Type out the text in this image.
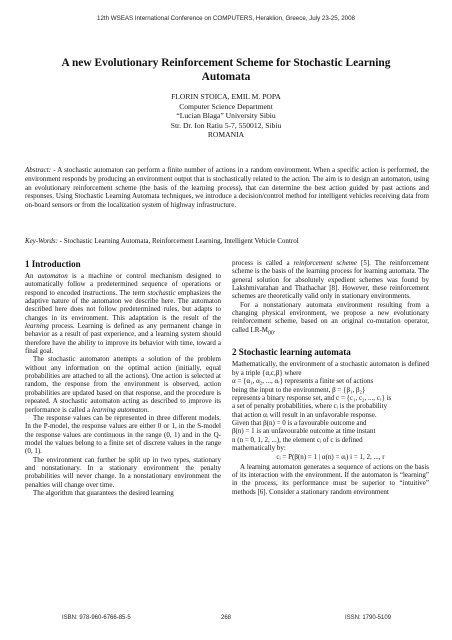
12th WSEAS International Conference on COMPUTERS, Heraklion, Greece, July 23-25, 2008
A new Evolutionary Reinforcement Scheme for Stochastic Learning Automata
FLORIN STOICA, EMIL M. POPA
Computer Science Department
“Lucian Blaga” University Sibiu
Str. Dr. Ion Ratiu 5-7, 550012, Sibiu
ROMANIA
Abstract: - A stochastic automaton can perform a finite number of actions in a random environment. When a specific action is performed, the environment responds by producing an environment output that is stochastically related to the action. The aim is to design an automaton, using an evolutionary reinforcement scheme (the basis of the learning process), that can determine the best action guided by past actions and responses. Using Stochastic Learning Automata techniques, we introduce a decision/control method for intelligent vehicles receiving data from on-board sensors or from the localization system of highway infrastructure.
Key-Words: - Stochastic Learning Automata, Reinforcement Learning, Intelligent Vehicle Control
1 Introduction

An automaton is a machine or control mechanism designed to automatically follow a predetermined sequence of operations or respond to encoded instructions. The term stochastic emphasizes the adaptive nature of the automaton we describe here. The automaton described here does not follow predetermined rules, but adapts to changes in its environment. This adaptation is the result of the learning process. Learning is defined as any permanent change in behavior as a result of past experience, and a learning system should therefore have the ability to improve its behavior with time, toward a final goal.

The stochastic automaton attempts a solution of the problem without any information on the optimal action (initially, equal probabilities are attached to all the actions). One action is selected at random, the response from the environment is observed, action probabilities are updated based on that response, and the procedure is repeated. A stochastic automaton acting as described to improve its performance is called a learning automaton.

The response values can be represented in three different models. In the P-model, the response values are either 0 or 1, in the S-model the response values are continuous in the range (0, 1) and in the Q-model the values belong to a finite set of discrete values in the range (0, 1).

The environment can further be split up in two types, stationary and nonstationary. In a stationary environment the penalty probabilities will never change. In a nonstationary environment the penalties will change over time.

The algorithm that guarantees the desired learning

process is called a reinforcement scheme [5]. The reinforcement scheme is the basis of the learning process for learning automata. The general solution for absolutely expedient schemes was found by Lakshmivarahan and Thathachar [8]. However, these reinforcement schemes are theoretically valid only in stationary environments.

For a nonstationary automata environment resulting from a changing physical environment, we propose a new evolutionary reinforcement scheme, based on an original co-mutation operator, called $LR-M_{00}$.

2 Stochastic learning automata

Mathematically, the environment of a stochastic automaton is defined by a triple {α,c,β} where

α = {α₁, α₂, ..., αᵣ} represents a finite set of actions

being the input to the environment, β = {β₁, β₂}

represents a binary response set, and c = {c₁, c₂, ..., cᵣ} is

a set of penalty probabilities, where cᵢ is the probability

that action αᵢ will result in an unfavorable response.

Given that β(n) = 0 is a favourable outcome and

β(n) = 1 is an unfavourable outcome at time instant

n (n = 0, 1, 2, ...), the element cᵢ of c is defined

mathematically by:

cᵢ = P(β(n) = 1 | α(n) = αᵢ) i = 1, 2, ..., r

A learning automaton generates a sequence of actions on the basis of its interaction with the environment. If the automaton is “learning” in the process, its performance must be superior to “intuitive” methods [6]. Consider a stationary random environment

ISBN: 978-960-6766-85-5	268	ISSN: 1790-5109
